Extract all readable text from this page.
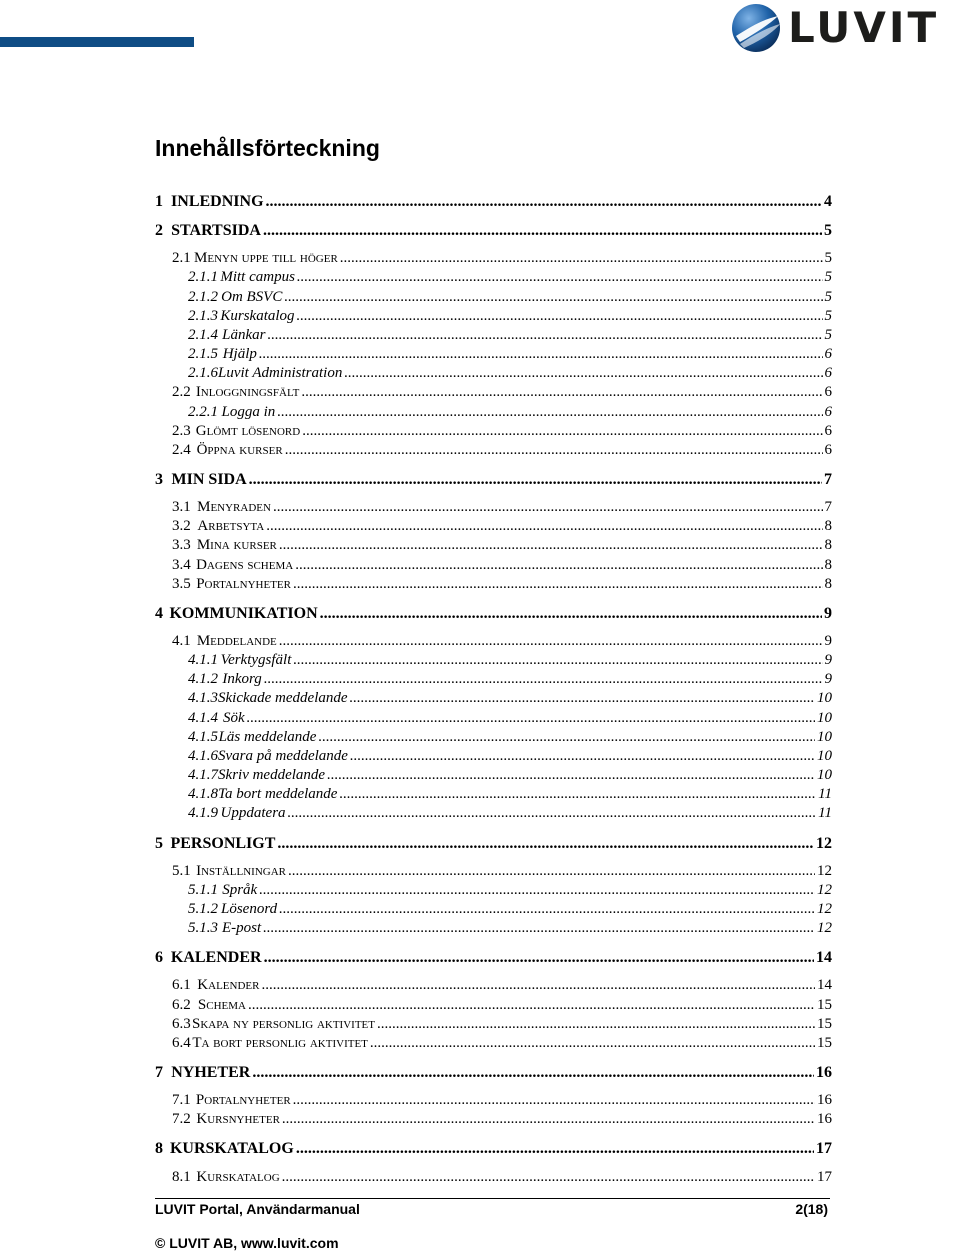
LUVIT
Innehållsförteckning
1 INLEDNING .....	4
2 STARTSIDA .....	5
2.1 Menyn uppe till höger .....	5
2.1.1 Mitt campus .....	5
2.1.2 Om BSVC .....	5
2.1.3 Kurskatalog .....	5
2.1.4 Länkar .....	5
2.1.5 Hjälp .....	6
2.1.6 Luvit Administration .....	6
2.2 Inloggningsfält .....	6
2.2.1 Logga in .....	6
2.3 Glömt lösenord .....	6
2.4 Öppna kurser .....	6
3 MIN SIDA .....	7
3.1 Menyraden .....	7
3.2 Arbetsyta .....	8
3.3 Mina kurser .....	8
3.4 Dagens schema .....	8
3.5 Portalnyheter .....	8
4 KOMMUNIKATION .....	9
4.1 Meddelande .....	9
4.1.1 Verktygsfält .....	9
4.1.2 Inkorg .....	9
4.1.3 Skickade meddelande .....	10
4.1.4 Sök .....	10
4.1.5 Läs meddelande .....	10
4.1.6 Svara på meddelande .....	10
4.1.7 Skriv meddelande .....	10
4.1.8 Ta bort meddelande .....	11
4.1.9 Uppdatera .....	11
5 PERSONLIGT .....	12
5.1 Inställningar .....	12
5.1.1 Språk .....	12
5.1.2 Lösenord .....	12
5.1.3 E-post .....	12
6 KALENDER .....	14
6.1 Kalender .....	14
6.2 Schema .....	15
6.3 Skapa ny personlig aktivitet .....	15
6.4 Ta bort personlig aktivitet .....	15
7 NYHETER .....	16
7.1 Portalnyheter .....	16
7.2 Kursnyheter .....	16
8 KURSKATALOG .....	17
8.1 Kurskatalog .....	17
LUVIT Portal, Användarmanual	2(18)
© LUVIT AB, www.luvit.com
